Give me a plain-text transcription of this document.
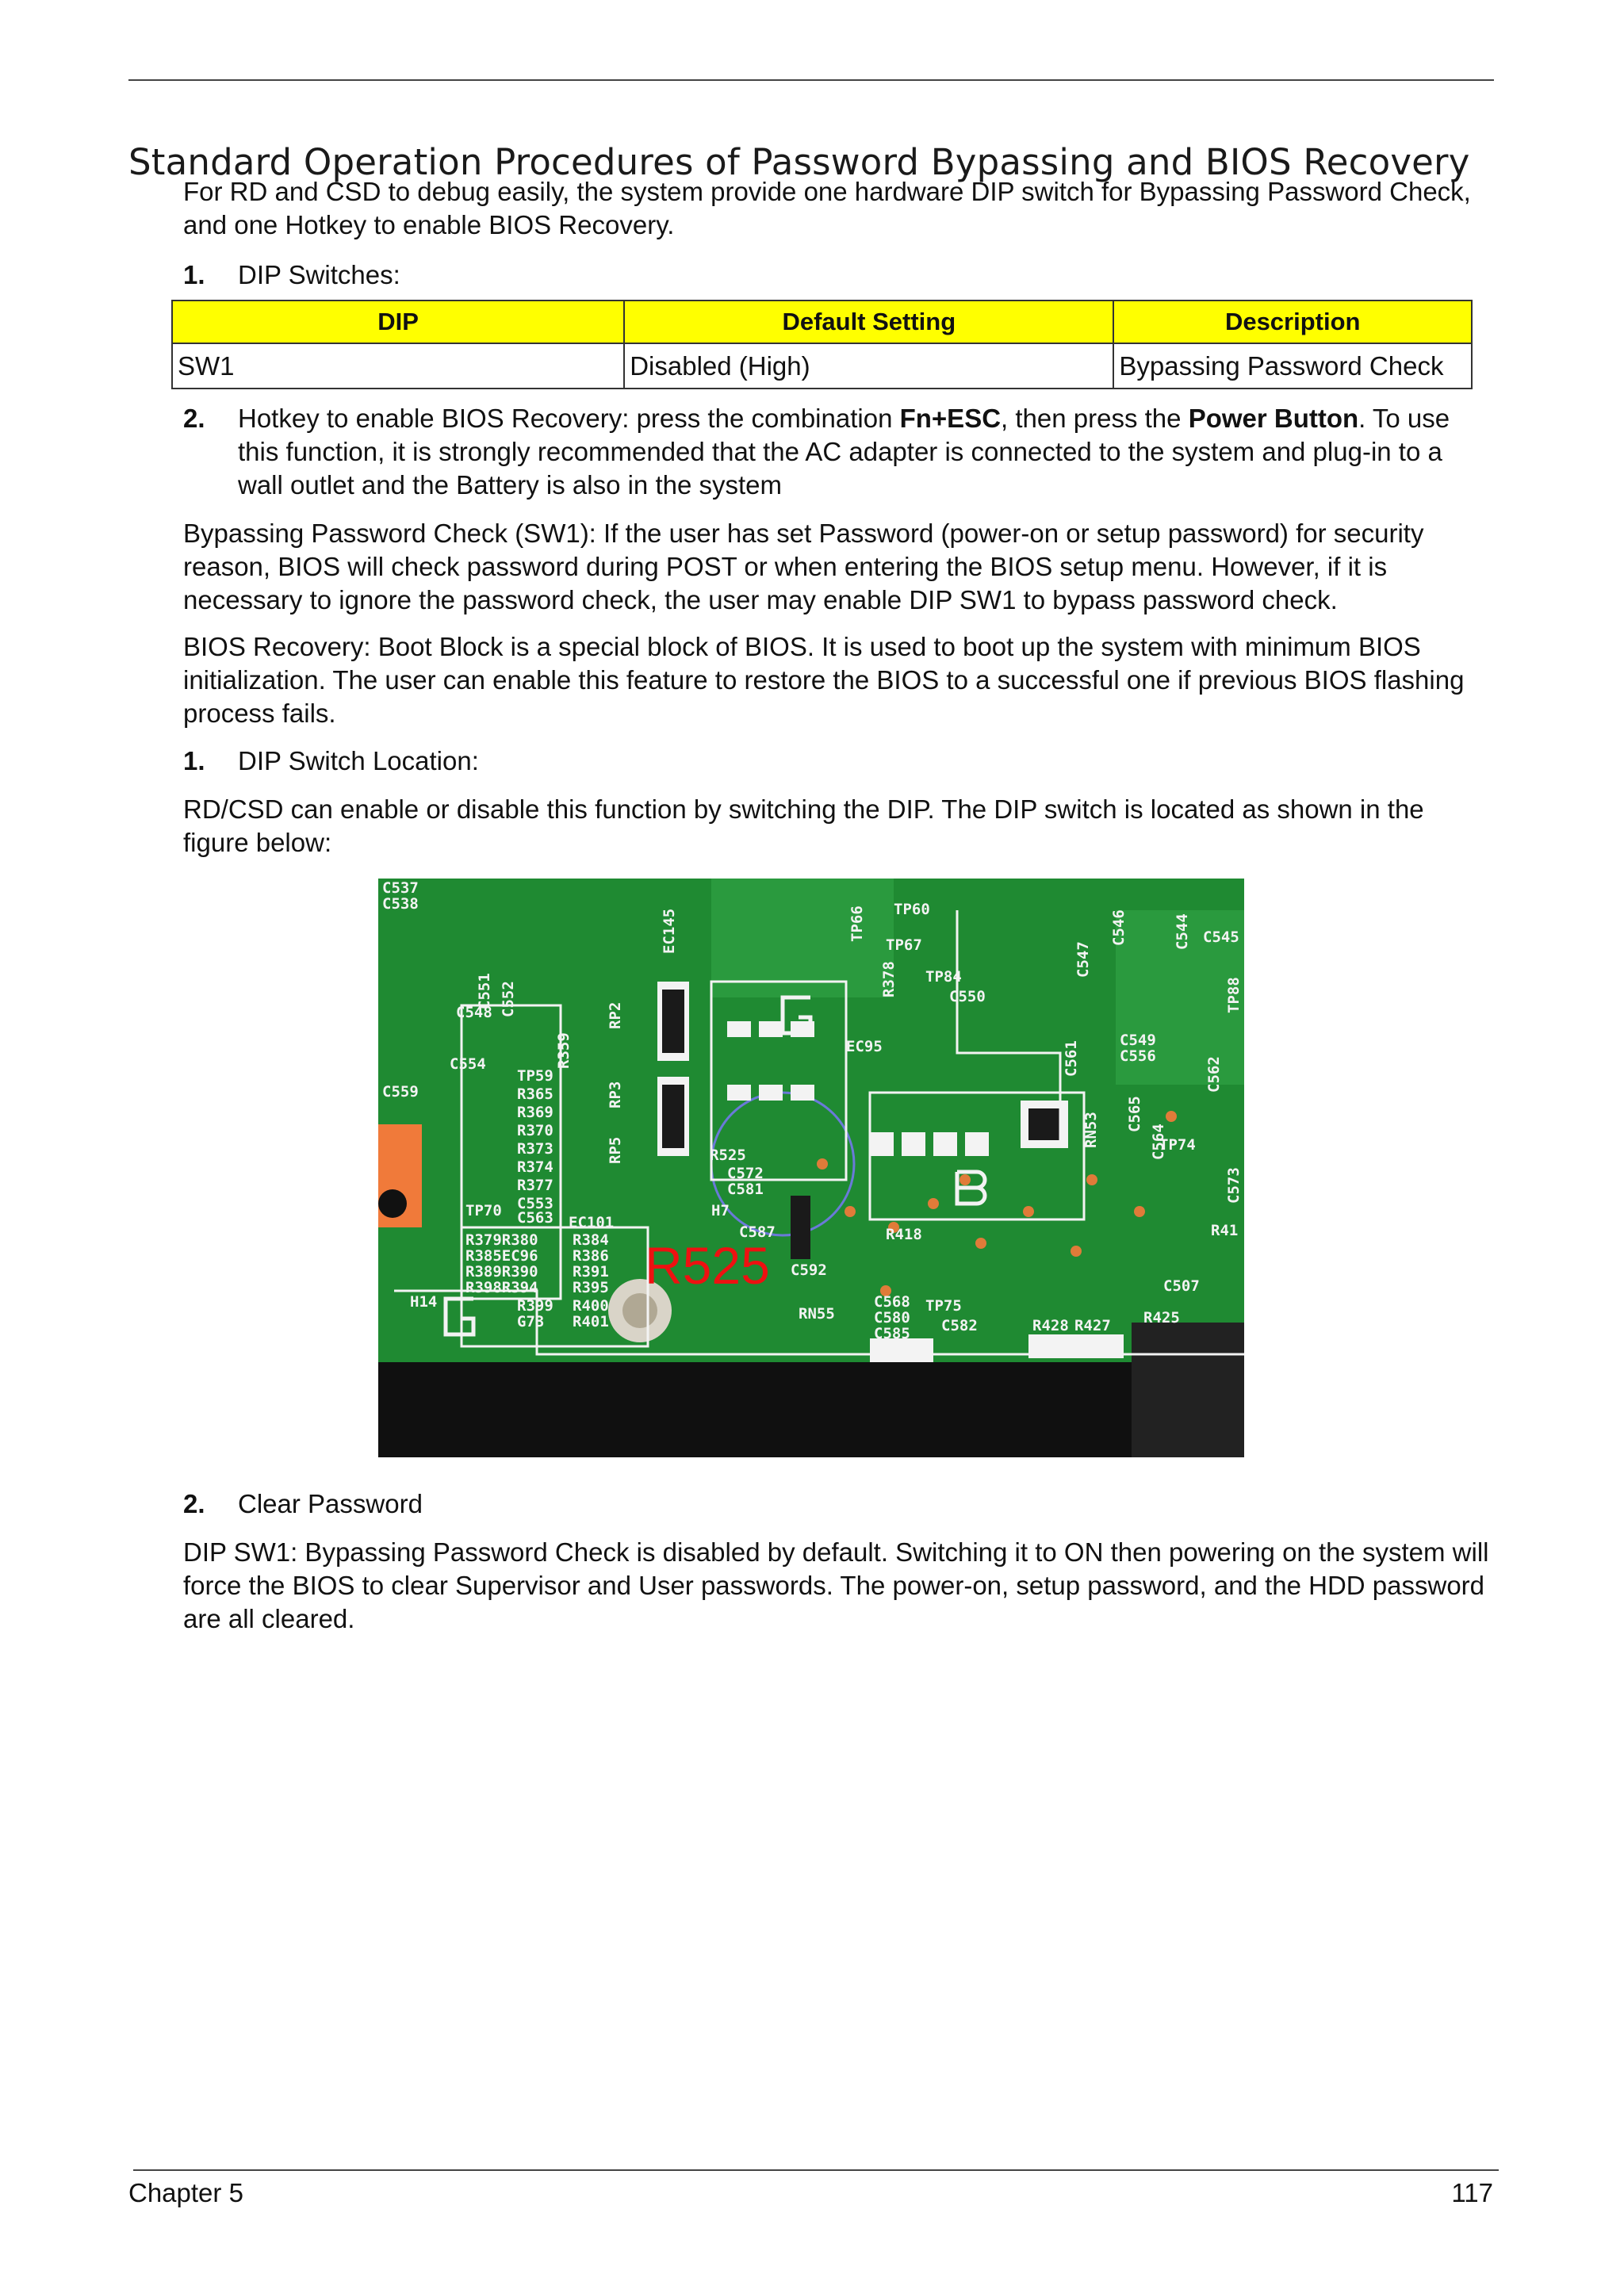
Standard Operation Procedures of Password Bypassing and BIOS Recovery
For RD and CSD to debug easily, the system provide one hardware DIP switch for Bypassing Password Check, and one Hotkey to enable BIOS Recovery.
1. DIP Switches:
DIP	Default Setting	Description
SW1	Disabled (High)	Bypassing Password Check
2. Hotkey to enable BIOS Recovery: press the combination Fn+ESC, then press the Power Button. To use this function, it is strongly recommended that the AC adapter is connected to the system and plug-in to a wall outlet and the Battery is also in the system
Bypassing Password Check (SW1): If the user has set Password (power-on or setup password) for security reason, BIOS will check password during POST or when entering the BIOS setup menu. However, if it is necessary to ignore the password check, the user may enable DIP SW1 to bypass password check.
BIOS Recovery: Boot Block is a special block of BIOS. It is used to boot up the system with minimum BIOS initialization. The user can enable this feature to restore the BIOS to a successful one if previous BIOS flashing process fails.
1. DIP Switch Location:
RD/CSD can enable or disable this function by switching the DIP. The DIP switch is located as shown in the figure below:
C537
C538
C548
C554
C559
TP59
R365
R369
R370
R373
R374
R377
C553
C563
TP70
EC101
R379R380 R384
R385EC96 R386
R389R390 R391
R398R394 R395
R399 R400
G73 R401
H14
H7
R525
C572
C581
C587
C592
RN55
R418
C568
C580
C585
TP75
C582	R428 R427
R426 R429
R425
C507
TP60
TP67
TP84
C550
EC95
R41
C549
C556
TP74
C545
EC145
C552
C551
RP2
R359
RP3
RP5
R378
TP66	C546
C547
C544
TP88
C561
RN53 C565
C564
C562
C573
R525
2. Clear Password
DIP SW1: Bypassing Password Check is disabled by default. Switching it to ON then powering on the system will force the BIOS to clear Supervisor and User passwords. The power-on, setup password, and the HDD password are all cleared.
Chapter 5	117
